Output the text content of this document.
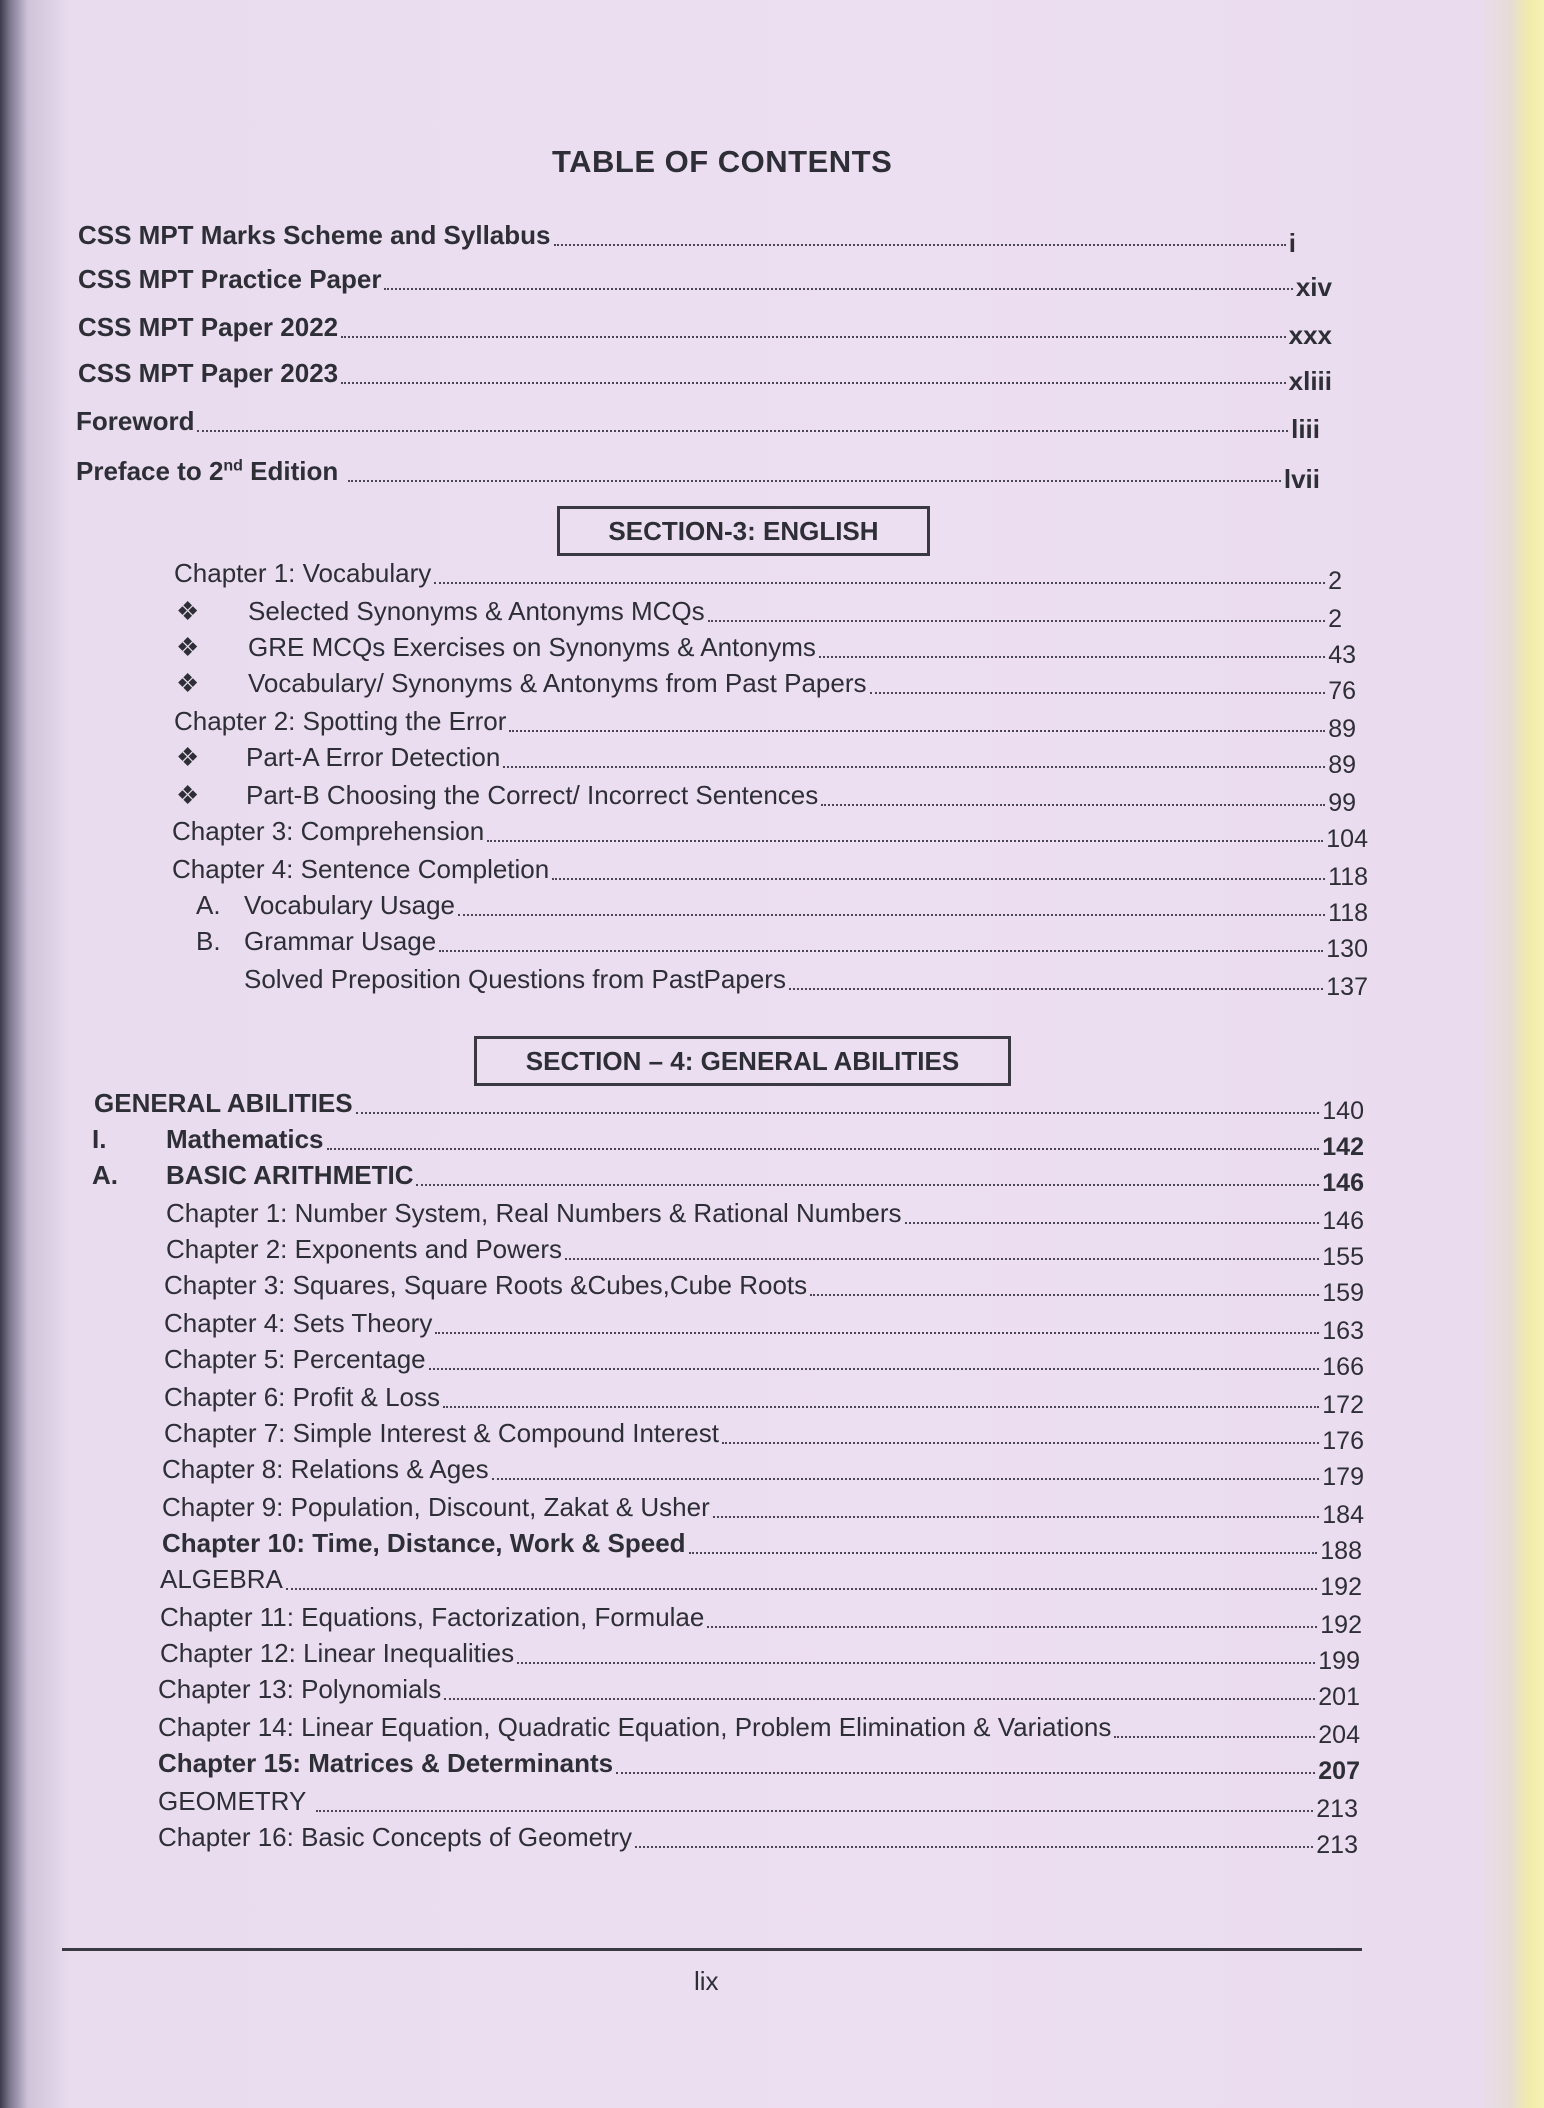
TABLE OF CONTENTS
CSS MPT Marks Scheme and Syllabus	i
CSS MPT Practice Paper	xiv
CSS MPT Paper 2022	xxx
CSS MPT Paper 2023	xliii
Foreword	liii
Preface to 2nd Edition	lvii
SECTION-3: ENGLISH
Chapter 1: Vocabulary	2
❖ Selected Synonyms & Antonyms MCQs	2
❖ GRE MCQs Exercises on Synonyms & Antonyms	43
❖ Vocabulary/ Synonyms & Antonyms from Past Papers	76
Chapter 2: Spotting the Error	89
❖ Part-A Error Detection	89
❖ Part-B Choosing the Correct/ Incorrect Sentences	99
Chapter 3: Comprehension	104
Chapter 4: Sentence Completion	118
A. Vocabulary Usage	118
B. Grammar Usage	130
Solved Preposition Questions from PastPapers	137
SECTION – 4: GENERAL ABILITIES
GENERAL ABILITIES	140
I. Mathematics	142
A. BASIC ARITHMETIC	146
Chapter 1: Number System, Real Numbers & Rational Numbers	146
Chapter 2: Exponents and Powers	155
Chapter 3: Squares, Square Roots &Cubes,Cube Roots	159
Chapter 4: Sets Theory	163
Chapter 5: Percentage	166
Chapter 6: Profit & Loss	172
Chapter 7: Simple Interest & Compound Interest	176
Chapter 8: Relations & Ages	179
Chapter 9: Population, Discount, Zakat & Usher	184
Chapter 10: Time, Distance, Work & Speed	188
ALGEBRA	192
Chapter 11: Equations, Factorization, Formulae	192
Chapter 12: Linear Inequalities	199
Chapter 13: Polynomials	201
Chapter 14: Linear Equation, Quadratic Equation, Problem Elimination & Variations	204
Chapter 15: Matrices & Determinants	207
GEOMETRY	213
Chapter 16: Basic Concepts of Geometry	213
lix
